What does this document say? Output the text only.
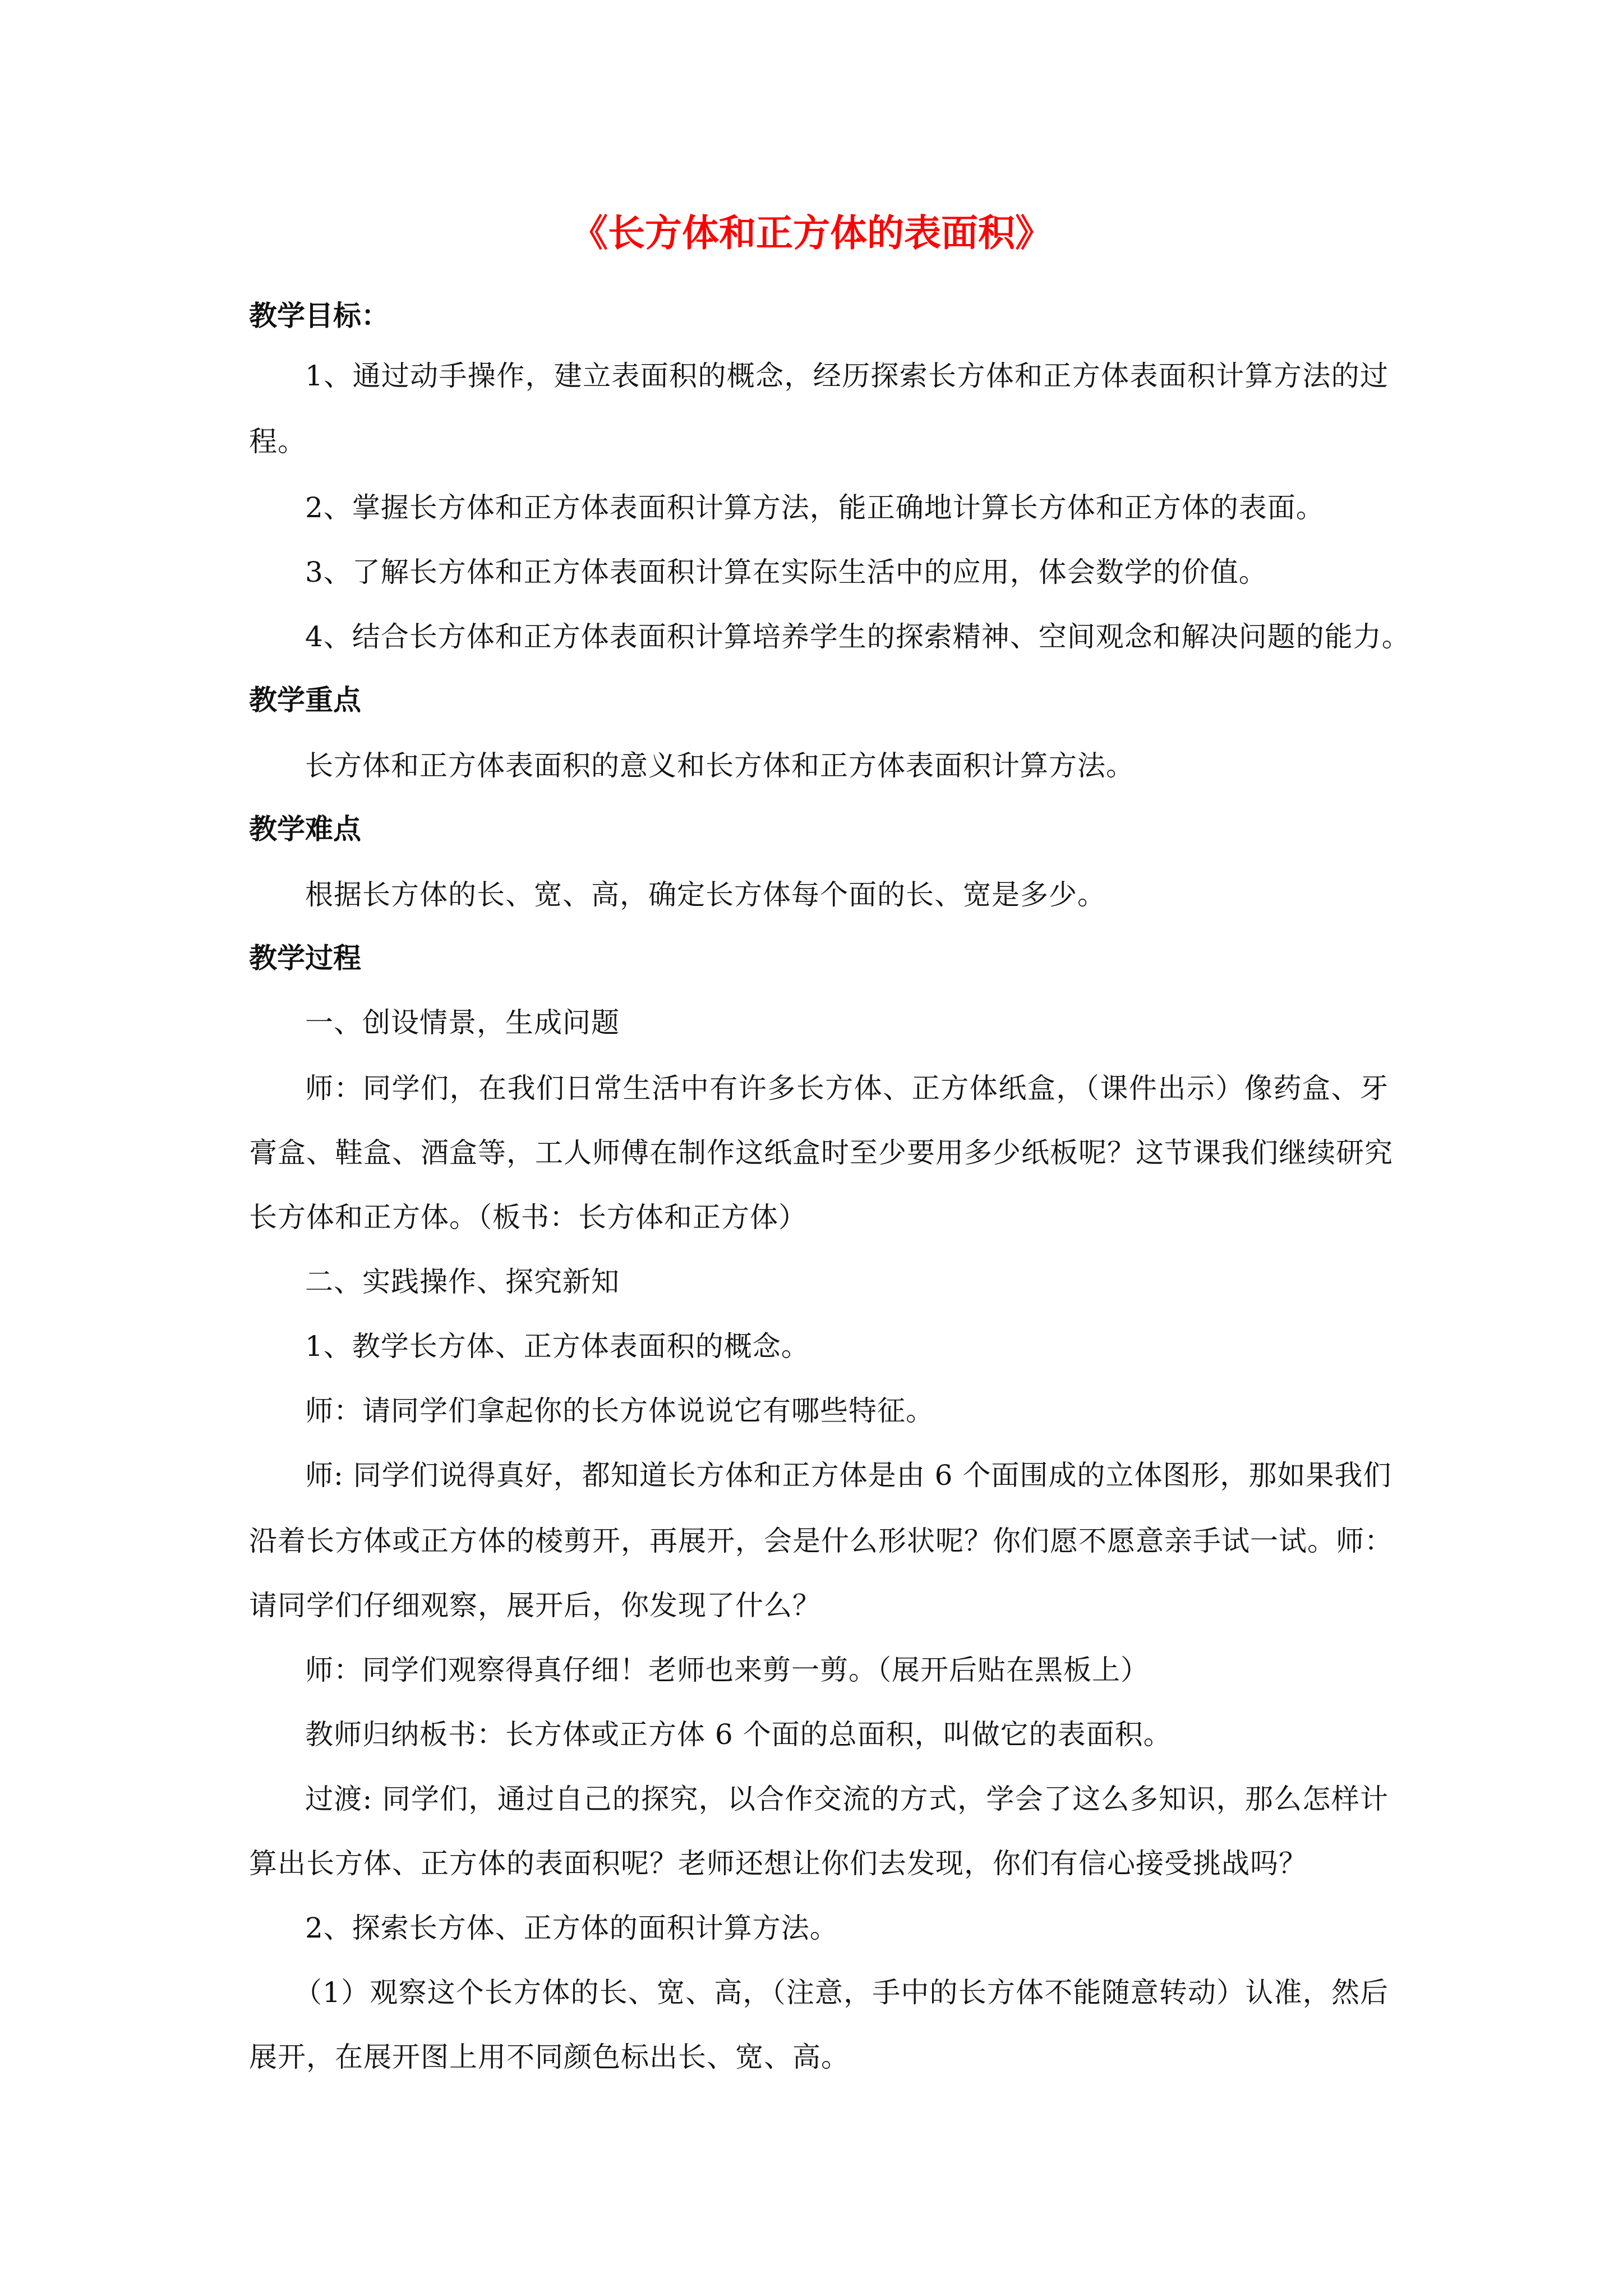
《长方体和正方体的表面积》
教学目标：
1、通过动手操作，建立表面积的概念，经历探索长方体和正方体表面积计算方法的过
程。
2、掌握长方体和正方体表面积计算方法，能正确地计算长方体和正方体的表面。
3、了解长方体和正方体表面积计算在实际生活中的应用，体会数学的价值。
4、结合长方体和正方体表面积计算培养学生的探索精神、空间观念和解决问题的能力。
教学重点
长方体和正方体表面积的意义和长方体和正方体表面积计算方法。
教学难点
根据长方体的长、宽、高，确定长方体每个面的长、宽是多少。
教学过程
一、创设情景，生成问题
师：同学们，在我们日常生活中有许多长方体、正方体纸盒，（课件出示）像药盒、牙
膏盒、鞋盒、酒盒等，工人师傅在制作这纸盒时至少要用多少纸板呢？这节课我们继续研究
长方体和正方体。（板书：长方体和正方体）
二、实践操作、探究新知
1、教学长方体、正方体表面积的概念。
师：请同学们拿起你的长方体说说它有哪些特征。
师: 同学们说得真好，都知道长方体和正方体是由 6 个面围成的立体图形，那如果我们
沿着长方体或正方体的棱剪开，再展开，会是什么形状呢？你们愿不愿意亲手试一试。师：
请同学们仔细观察，展开后，你发现了什么？
师：同学们观察得真仔细！老师也来剪一剪。（展开后贴在黑板上）
教师归纳板书：长方体或正方体 6 个面的总面积，叫做它的表面积。
过渡: 同学们，通过自己的探究，以合作交流的方式，学会了这么多知识，那么怎样计
算出长方体、正方体的表面积呢？老师还想让你们去发现，你们有信心接受挑战吗？
2、探索长方体、正方体的面积计算方法。
（1）观察这个长方体的长、宽、高，（注意，手中的长方体不能随意转动）认准，然后
展开，在展开图上用不同颜色标出长、宽、高。
